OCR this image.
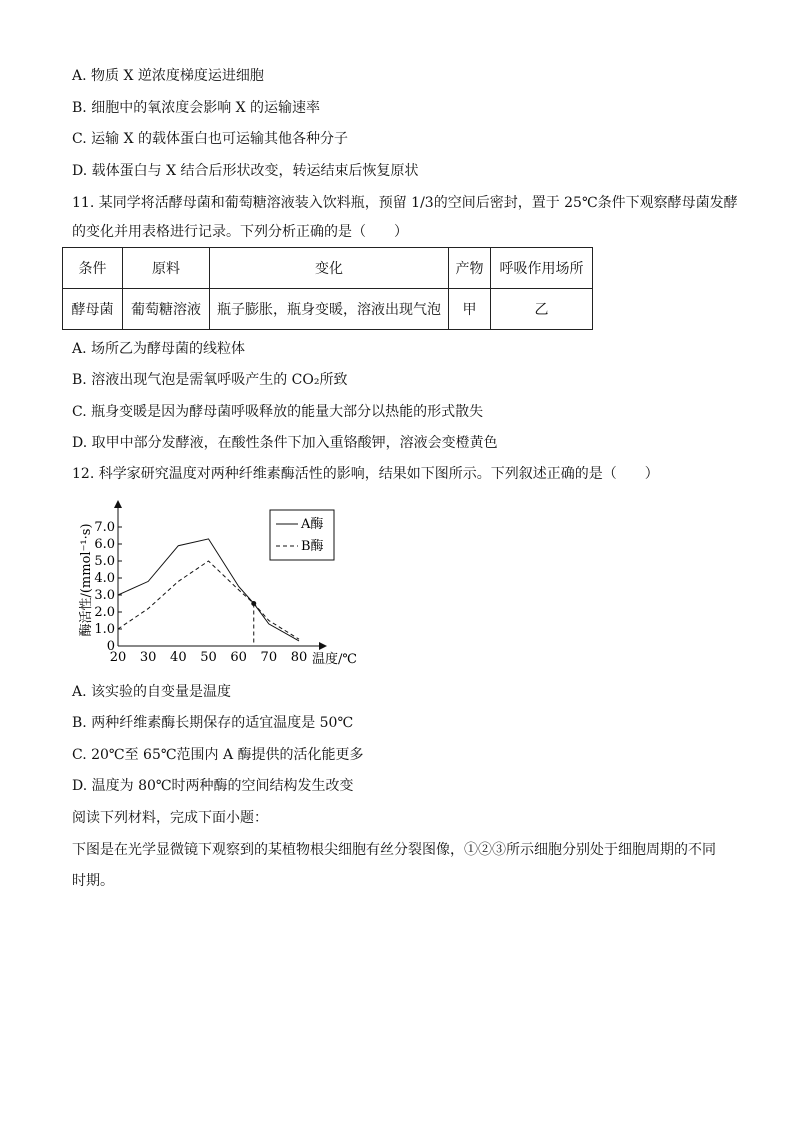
A. 物质 X 逆浓度梯度运进细胞
B. 细胞中的氧浓度会影响 X 的运输速率
C. 运输 X 的载体蛋白也可运输其他各种分子
D. 载体蛋白与 X 结合后形状改变，转运结束后恢复原状
11. 某同学将活酵母菌和葡萄糖溶液装入饮料瓶，预留 1/3的空间后密封，置于 25℃条件下观察酵母菌发酵
的变化并用表格进行记录。下列分析正确的是（　　）
条件	原料	变化	产物	呼吸作用场所
酵母菌	葡萄糖溶液	瓶子膨胀，瓶身变暖，溶液出现气泡	甲	乙
A. 场所乙为酵母菌的线粒体
B. 溶液出现气泡是需氧呼吸产生的 CO₂所致
C. 瓶身变暖是因为酵母菌呼吸释放的能量大部分以热能的形式散失
D. 取甲中部分发酵液，在酸性条件下加入重铬酸钾，溶液会变橙黄色
12. 科学家研究温度对两种纤维素酶活性的影响，结果如下图所示。下列叙述正确的是（　　）
0
1.0
2.0
3.0
4.0
5.0
6.0
7.0
20 30 40 50 60 70 80
酶活性/(mmol⁻¹·s)
温度/℃
A酶
B酶
A. 该实验的自变量是温度
B. 两种纤维素酶长期保存的适宜温度是 50℃
C. 20℃至 65℃范围内 A 酶提供的活化能更多
D. 温度为 80℃时两种酶的空间结构发生改变
阅读下列材料，完成下面小题：
下图是在光学显微镜下观察到的某植物根尖细胞有丝分裂图像，①②③所示细胞分别处于细胞周期的不同
时期。
